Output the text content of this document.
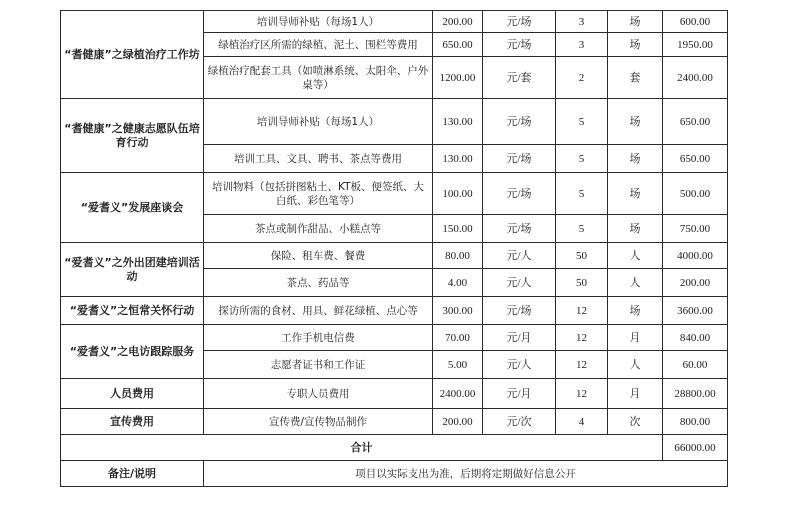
“耆健康”之绿植治疗工作坊	培训导师补贴（每场1人）	200.00	元/场	3	场	600.00
	绿植治疗区所需的绿植、泥土、围栏等费用	650.00	元/场	3	场	1950.00
	绿植治疗配套工具（如喷淋系统、太阳伞、户外桌等）	1200.00	元/套	2	套	2400.00
“耆健康”之健康志愿队伍培育行动	培训导师补贴（每场1人）	130.00	元/场	5	场	650.00
	培训工具、文具、聘书、茶点等费用	130.00	元/场	5	场	650.00
“爱耆义”发展座谈会	培训物料（包括拼图粘土、KT板、便签纸、大白纸、彩色笔等）	100.00	元/场	5	场	500.00
	茶点或制作甜品、小糕点等	150.00	元/场	5	场	750.00
“爱耆义”之外出团建培训活动	保险、租车费、餐费	80.00	元/人	50	人	4000.00
	茶点、药品等	4.00	元/人	50	人	200.00
“爱耆义”之恒常关怀行动	探访所需的食材、用具、鲜花绿植、点心等	300.00	元/场	12	场	3600.00
“爱耆义”之电访跟踪服务	工作手机电信费	70.00	元/月	12	月	840.00
	志愿者证书和工作证	5.00	元/人	12	人	60.00
人员费用	专职人员费用	2400.00	元/月	12	月	28800.00
宣传费用	宣传费/宣传物品制作	200.00	元/次	4	次	800.00
合计						66000.00
备注/说明	项目以实际支出为准，后期将定期做好信息公开					
